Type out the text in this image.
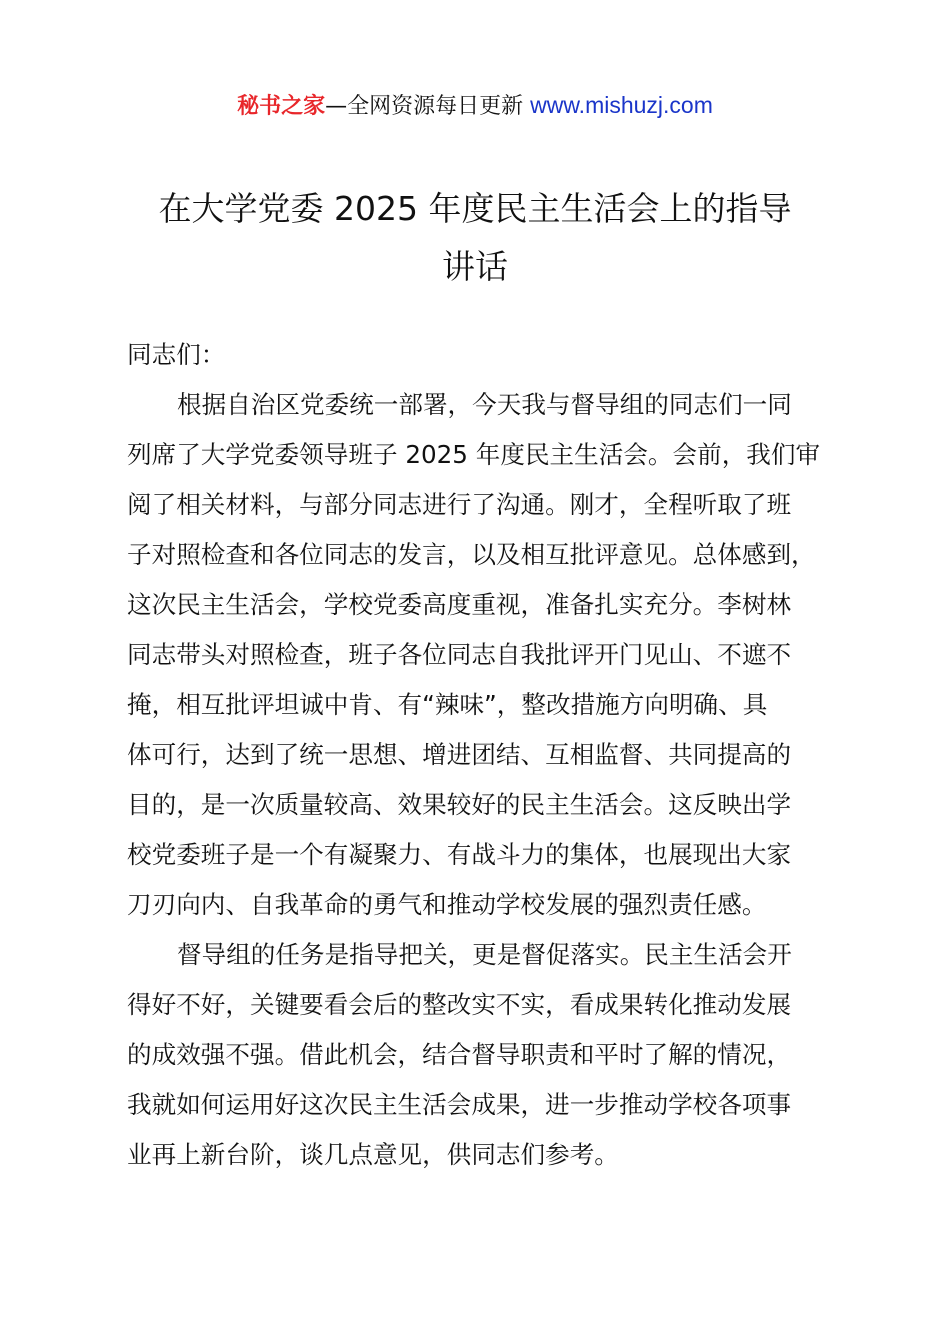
秘书之家—全网资源每日更新 www.mishuzj.com
在大学党委 2025 年度民主生活会上的指导
讲话
同志们：
根据自治区党委统一部署，今天我与督导组的同志们一同
列席了大学党委领导班子 2025 年度民主生活会。会前，我们审
阅了相关材料，与部分同志进行了沟通。刚才，全程听取了班
子对照检查和各位同志的发言，以及相互批评意见。总体感到，
这次民主生活会，学校党委高度重视，准备扎实充分。李树林
同志带头对照检查，班子各位同志自我批评开门见山、不遮不
掩，相互批评坦诚中肯、有“辣味”，整改措施方向明确、具
体可行，达到了统一思想、增进团结、互相监督、共同提高的
目的，是一次质量较高、效果较好的民主生活会。这反映出学
校党委班子是一个有凝聚力、有战斗力的集体，也展现出大家
刀刃向内、自我革命的勇气和推动学校发展的强烈责任感。
督导组的任务是指导把关，更是督促落实。民主生活会开
得好不好，关键要看会后的整改实不实，看成果转化推动发展
的成效强不强。借此机会，结合督导职责和平时了解的情况，
我就如何运用好这次民主生活会成果，进一步推动学校各项事
业再上新台阶，谈几点意见，供同志们参考。
